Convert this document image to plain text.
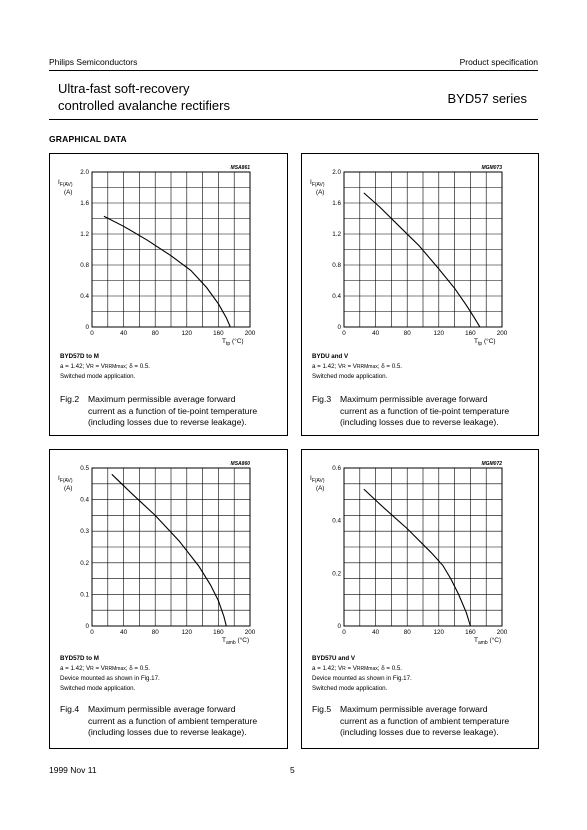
Philips Semiconductors	Product specification
Ultra-fast soft-recovery
controlled avalanche rectifiers	BYD57 series
GRAPHICAL DATA
0	40	80	120	160	200
0
0.4
0.8
1.2
1.6
2.0
MSA861
$I_{F(AV)}$
(A)
$T_{tp}$ (°C)
BYD57D to M
a = 1.42; VR = VRRMmax; δ = 0.5.
Switched mode application.
Fig.2 Maximum permissible average forward
current as a function of tie-point temperature
(including losses due to reverse leakage).
0	40	80	120	160	200
0
0.4
0.8
1.2
1.6
2.0
MGM073
$I_{F(AV)}$
(A)
$T_{tp}$ (°C)
BYDU and V
a = 1.42; VR = VRRMmax; δ = 0.5.
Switched mode application.
Fig.3 Maximum permissible average forward
current as a function of tie-point temperature
(including losses due to reverse leakage).
0	40	80	120	160	200
0
0.1
0.2
0.3
0.4
0.5
MSA860
$I_{F(AV)}$
(A)
$T_{amb}$ (°C)
BYD57D to M
a = 1.42; VR = VRRMmax; δ = 0.5.
Device mounted as shown in Fig.17.
Switched mode application.
Fig.4 Maximum permissible average forward
current as a function of ambient temperature
(including losses due to reverse leakage).
0	40	80	120	160	200
0
0.2
0.4
0.6
MGM072
$I_{F(AV)}$
(A)
$T_{amb}$ (°C)
BYD57U and V
a = 1.42; VR = VRRMmax; δ = 0.5.
Device mounted as shown in Fig.17.
Switched mode application.
Fig.5 Maximum permissible average forward
current as a function of ambient temperature
(including losses due to reverse leakage).
1999 Nov 11	5
